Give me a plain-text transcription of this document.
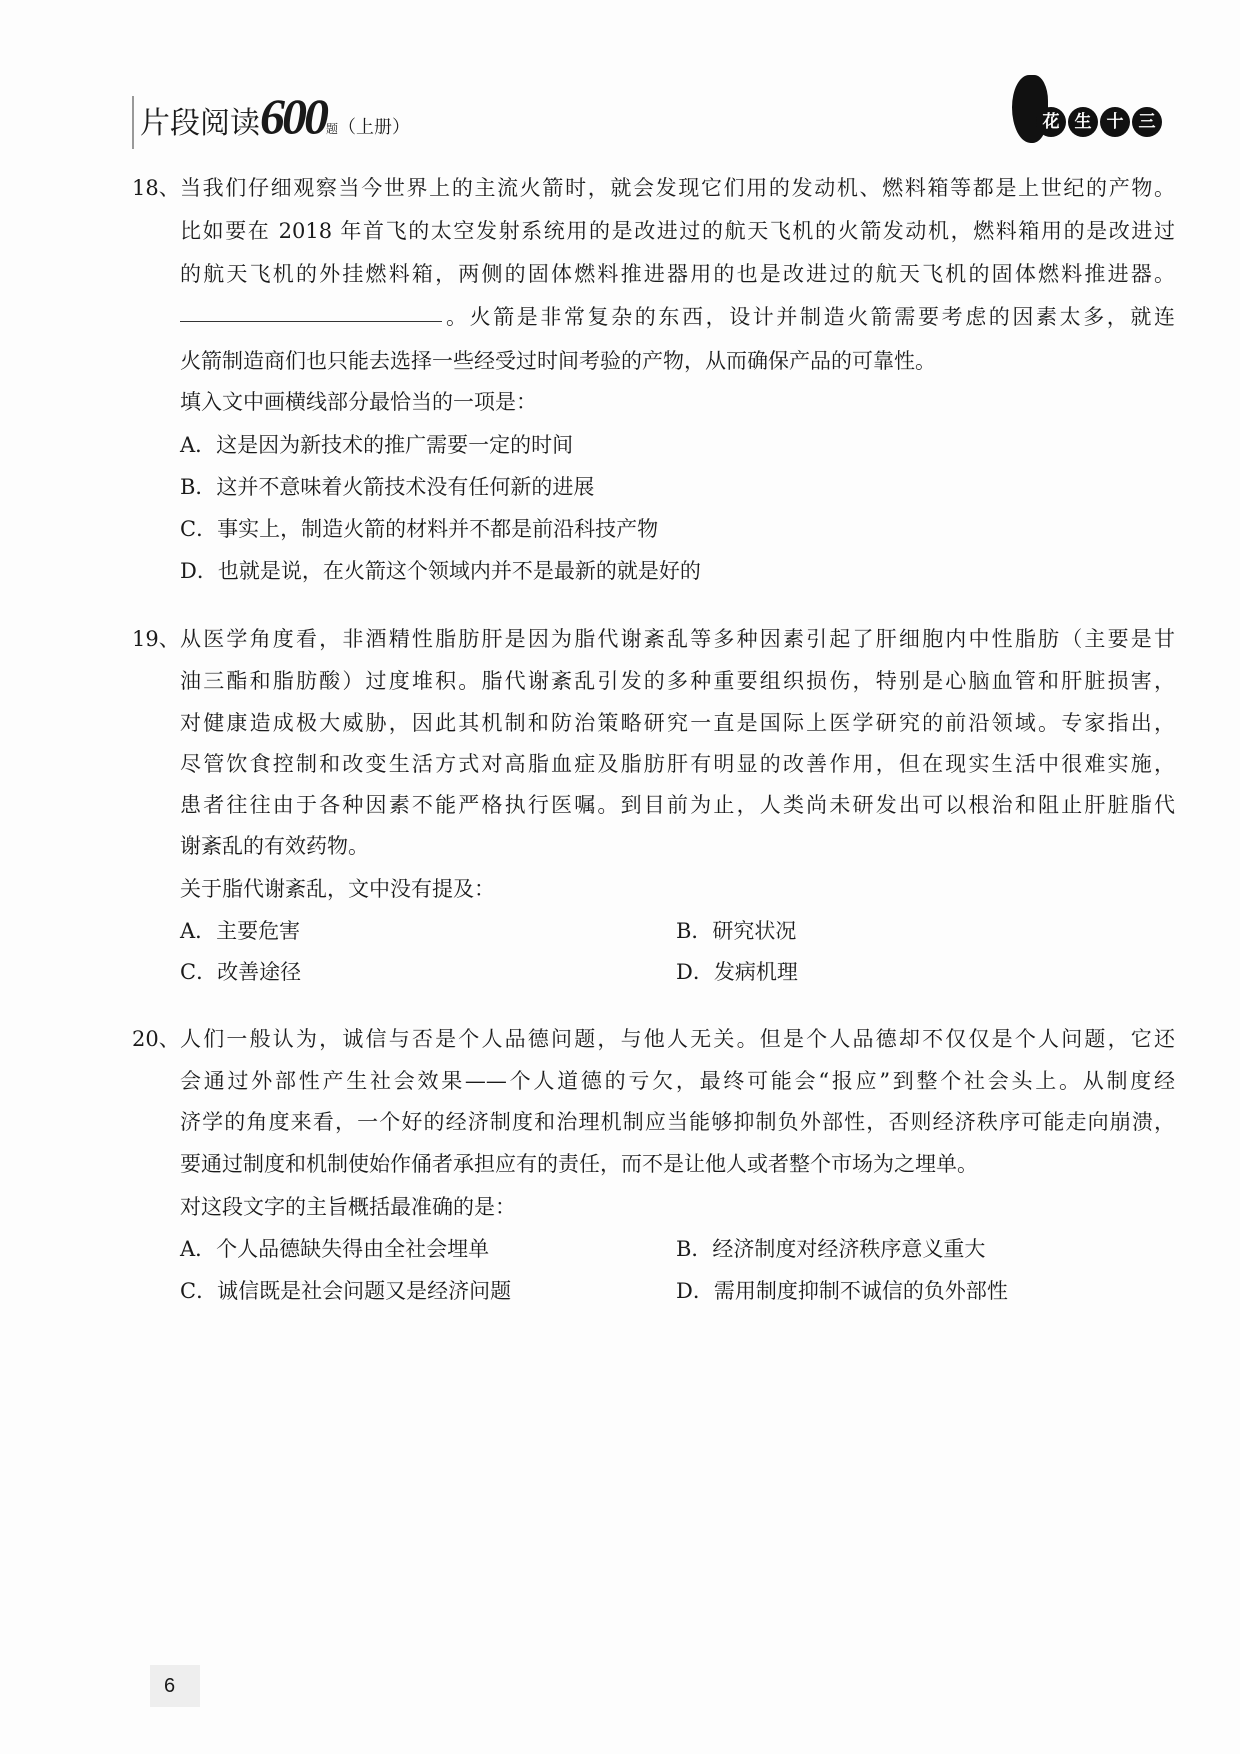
片段阅读600题（上册）	花 生 十 三
18、 当我们仔细观察当今世界上的主流火箭时，就会发现它们用的发动机、燃料箱等都是上世纪的产物。
比如要在 2018 年首飞的太空发射系统用的是改进过的航天飞机的火箭发动机，燃料箱用的是改进过
的航天飞机的外挂燃料箱，两侧的固体燃料推进器用的也是改进过的航天飞机的固体燃料推进器。
。火箭是非常复杂的东西，设计并制造火箭需要考虑的因素太多，就连
火箭制造商们也只能去选择一些经受过时间考验的产物，从而确保产品的可靠性。
填入文中画横线部分最恰当的一项是：
A．这是因为新技术的推广需要一定的时间
B．这并不意味着火箭技术没有任何新的进展
C．事实上，制造火箭的材料并不都是前沿科技产物
D．也就是说，在火箭这个领域内并不是最新的就是好的
19、 从医学角度看，非酒精性脂肪肝是因为脂代谢紊乱等多种因素引起了肝细胞内中性脂肪（主要是甘
油三酯和脂肪酸）过度堆积。脂代谢紊乱引发的多种重要组织损伤，特别是心脑血管和肝脏损害，
对健康造成极大威胁，因此其机制和防治策略研究一直是国际上医学研究的前沿领域。专家指出，
尽管饮食控制和改变生活方式对高脂血症及脂肪肝有明显的改善作用，但在现实生活中很难实施，
患者往往由于各种因素不能严格执行医嘱。到目前为止，人类尚未研发出可以根治和阻止肝脏脂代
谢紊乱的有效药物。
关于脂代谢紊乱，文中没有提及：
A．主要危害	B．研究状况
C．改善途径	D．发病机理
20、 人们一般认为，诚信与否是个人品德问题，与他人无关。但是个人品德却不仅仅是个人问题，它还
会通过外部性产生社会效果——个人道德的亏欠，最终可能会“报应”到整个社会头上。从制度经
济学的角度来看，一个好的经济制度和治理机制应当能够抑制负外部性，否则经济秩序可能走向崩溃，
要通过制度和机制使始作俑者承担应有的责任，而不是让他人或者整个市场为之埋单。
对这段文字的主旨概括最准确的是：
A．个人品德缺失得由全社会埋单	B．经济制度对经济秩序意义重大
C．诚信既是社会问题又是经济问题	D．需用制度抑制不诚信的负外部性
6
